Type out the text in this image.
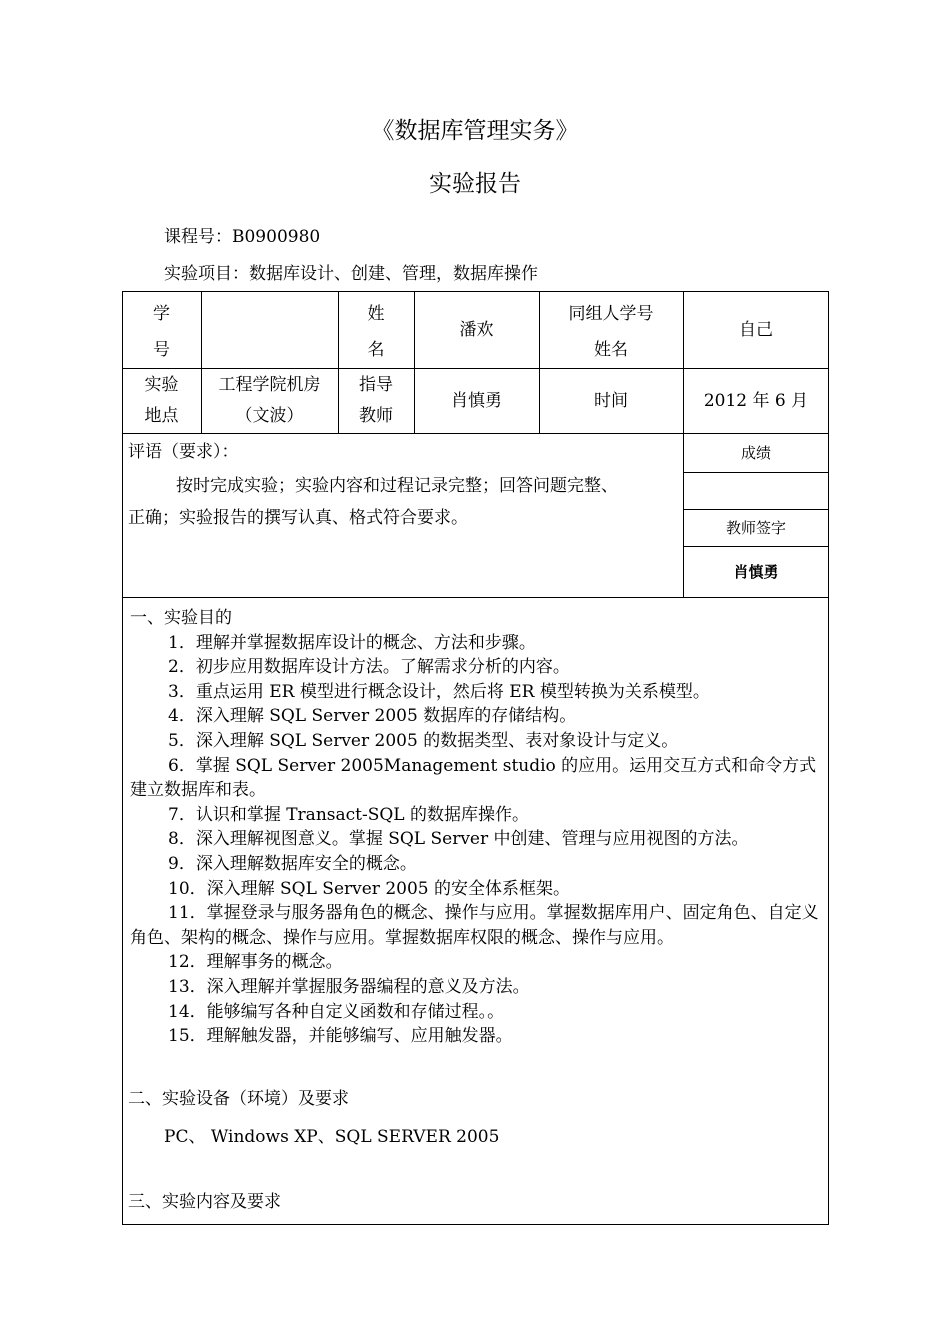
《数据库管理实务》
实验报告
课程号：B0900980
实验项目：数据库设计、创建、管理，数据库操作
学
号
姓
名
潘欢
同组人学号
姓名
自己
实验
地点
工程学院机房
（文波）
指导
教师
肖慎勇	时间	2012 年 6 月

评语（要求）：

按时完成实验；实验内容和过程记录完整；回答问题完整、

正确；实验报告的撰写认真、格式符合要求。

成绩
教师签字
肖慎勇

一、实验目的

1．理解并掌握数据库设计的概念、方法和步骤。

2．初步应用数据库设计方法。了解需求分析的内容。

3．重点运用 ER 模型进行概念设计，然后将 ER 模型转换为关系模型。

4．深入理解 SQL Server 2005 数据库的存储结构。

5．深入理解 SQL Server 2005 的数据类型、表对象设计与定义。

6．掌握 SQL Server 2005Management studio 的应用。运用交互方式和命令方式建立数据库和表。

7．认识和掌握 Transact-SQL 的数据库操作。

8．深入理解视图意义。掌握 SQL Server 中创建、管理与应用视图的方法。

9．深入理解数据库安全的概念。

10．深入理解 SQL Server 2005 的安全体系框架。

11．掌握登录与服务器角色的概念、操作与应用。掌握数据库用户、固定角色、自定义角色、架构的概念、操作与应用。掌握数据库权限的概念、操作与应用。

12．理解事务的概念。

13．深入理解并掌握服务器编程的意义及方法。

14．能够编写各种自定义函数和存储过程。。

15．理解触发器，并能够编写、应用触发器。

二、实验设备（环境）及要求

PC、 Windows XP、SQL SERVER 2005

三、实验内容及要求
